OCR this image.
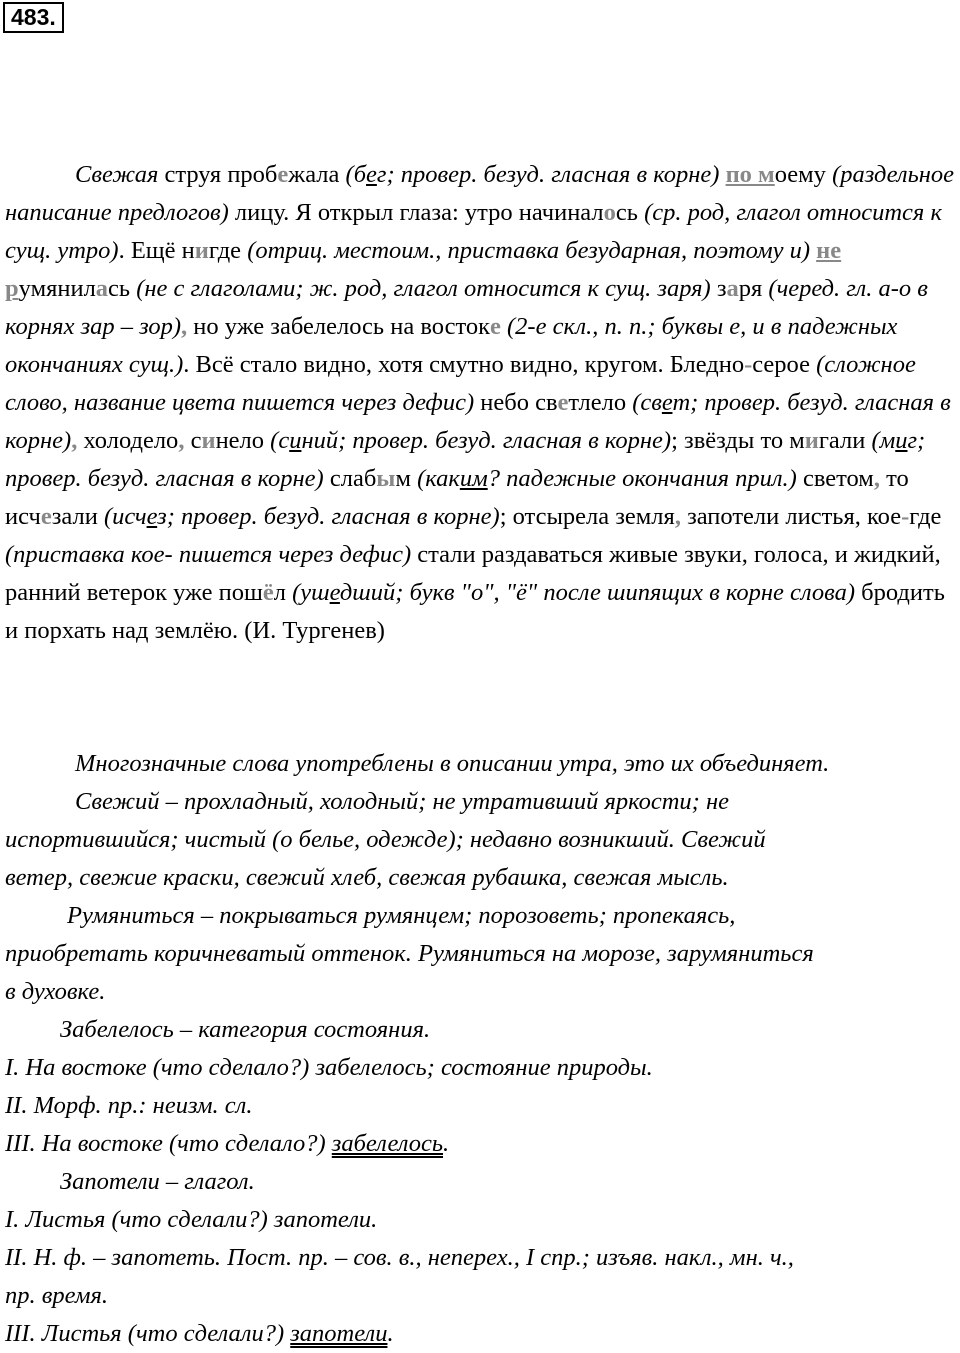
483.
Свежая струя пробежала (бег; провер. безуд. гласная в корне) по моему (раздельное написание предлогов) лицу. Я открыл глаза: утро начиналось (ср. род, глагол относится к сущ. утро). Ещё нигде (отриц. местоим., приставка безударная, поэтому и) не румянилась (не с глаголами; ж. род, глагол относится к сущ. заря) заря (черед. гл. а-о в корнях зар – зор), но уже забелелось на востоке (2-е скл., п. п.; буквы е, и в падежных окончаниях сущ.). Всё стало видно, хотя смутно видно, кругом. Бледно-серое (сложное слово, название цвета пишется через дефис) небо светлело (свет; провер. безуд. гласная в корне), холодело, синело (синий; провер. безуд. гласная в корне); звёзды то мигали (миг; провер. безуд. гласная в корне) слабым (каким? падежные окончания прил.) светом, то исчезали (исчез; провер. безуд. гласная в корне); отсырела земля, запотели листья, кое-где (приставка кое- пишется через дефис) стали раздаваться живые звуки, голоса, и жидкий, ранний ветерок уже пошёл (ушедший; букв "о", "ё" после шипящих в корне слова) бродить и порхать над землёю. (И. Тургенев)
Многозначные слова употреблены в описании утра, это их объединяет.
Свежий – прохладный, холодный; не утративший яркости; не
испортившийся; чистый (о белье, одежде); недавно возникший. Свежий
ветер, свежие краски, свежий хлеб, свежая рубашка, свежая мысль.
Румяниться – покрываться румянцем; порозоветь; пропекаясь,
приобретать коричневатый оттенок. Румяниться на морозе, зарумяниться
в духовке.
Забелелось – категория состояния.
I. На востоке (что сделало?) забелелось; состояние природы.
II. Морф. пр.: неизм. сл.
III. На востоке (что сделало?) забелелось.
Запотели – глагол.
I. Листья (что сделали?) запотели.
II. Н. ф. – запотеть. Пост. пр. – сов. в., неперех., I спр.; изъяв. накл., мн. ч.,
пр. время.
III. Листья (что сделали?) запотели.
